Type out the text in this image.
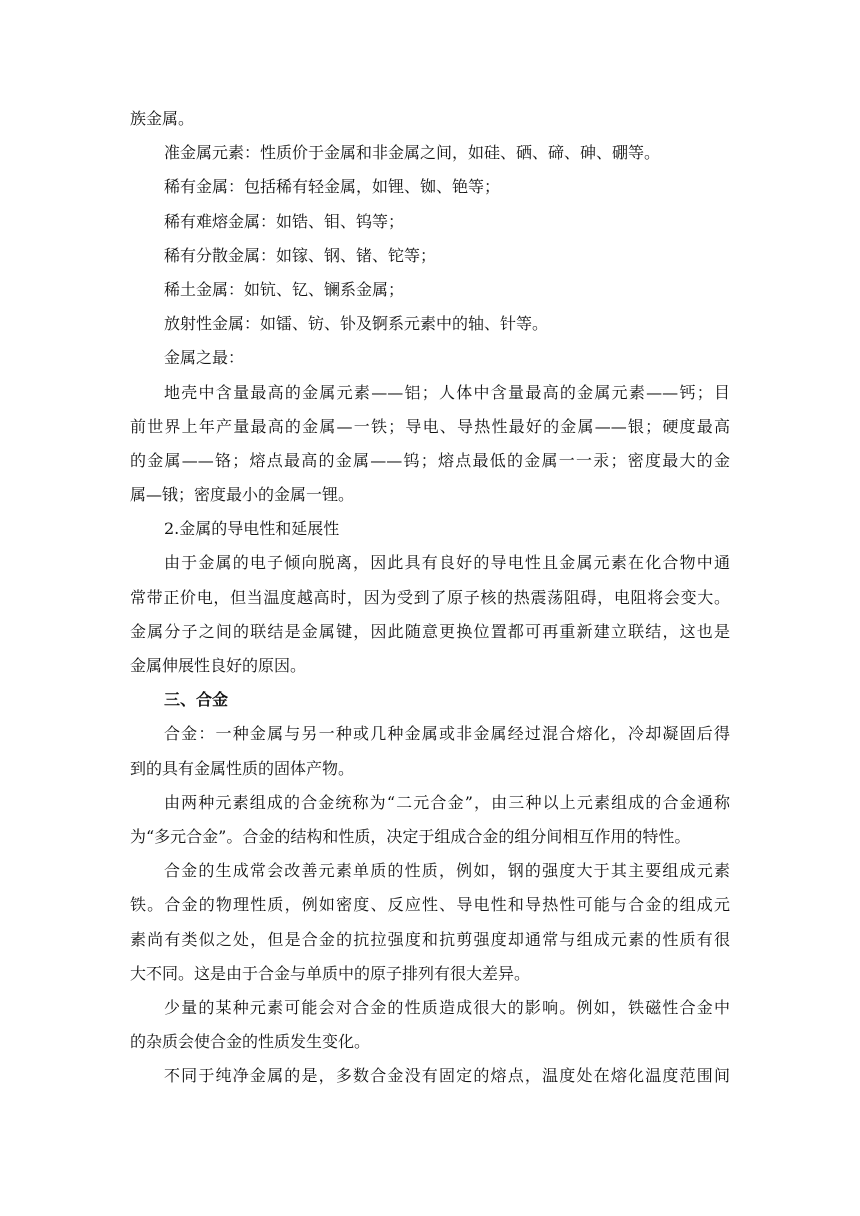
族金属。
准金属元素：性质价于金属和非金属之间，如硅、硒、碲、砷、硼等。
稀有金属：包括稀有轻金属，如锂、铷、铯等；
稀有难熔金属：如锆、钼、钨等；
稀有分散金属：如镓、钢、锗、铊等；
稀土金属：如钪、钇、镧系金属；
放射性金属：如镭、钫、钋及锕系元素中的轴、针等。
金属之最：
地壳中含量最高的金属元素——铝；人体中含量最高的金属元素——钙；目
前世界上年产量最高的金属—一铁；导电、导热性最好的金属——银；硬度最高
的金属——铬；熔点最高的金属——钨；熔点最低的金属一一汞；密度最大的金
属—锇；密度最小的金属一锂。
2.金属的导电性和延展性
由于金属的电子倾向脱离，因此具有良好的导电性且金属元素在化合物中通
常带正价电，但当温度越高时，因为受到了原子核的热震荡阻碍，电阻将会变大。
金属分子之间的联结是金属键，因此随意更换位置都可再重新建立联结，这也是
金属伸展性良好的原因。
三、合金
合金：一种金属与另一种或几种金属或非金属经过混合熔化，冷却凝固后得
到的具有金属性质的固体产物。
由两种元素组成的合金统称为“二元合金”，由三种以上元素组成的合金通称
为“多元合金”。合金的结构和性质，决定于组成合金的组分间相互作用的特性。
合金的生成常会改善元素单质的性质，例如，钢的强度大于其主要组成元素
铁。合金的物理性质，例如密度、反应性、导电性和导热性可能与合金的组成元
素尚有类似之处，但是合金的抗拉强度和抗剪强度却通常与组成元素的性质有很
大不同。这是由于合金与单质中的原子排列有很大差异。
少量的某种元素可能会对合金的性质造成很大的影响。例如，铁磁性合金中
的杂质会使合金的性质发生变化。
不同于纯净金属的是，多数合金没有固定的熔点，温度处在熔化温度范围间
